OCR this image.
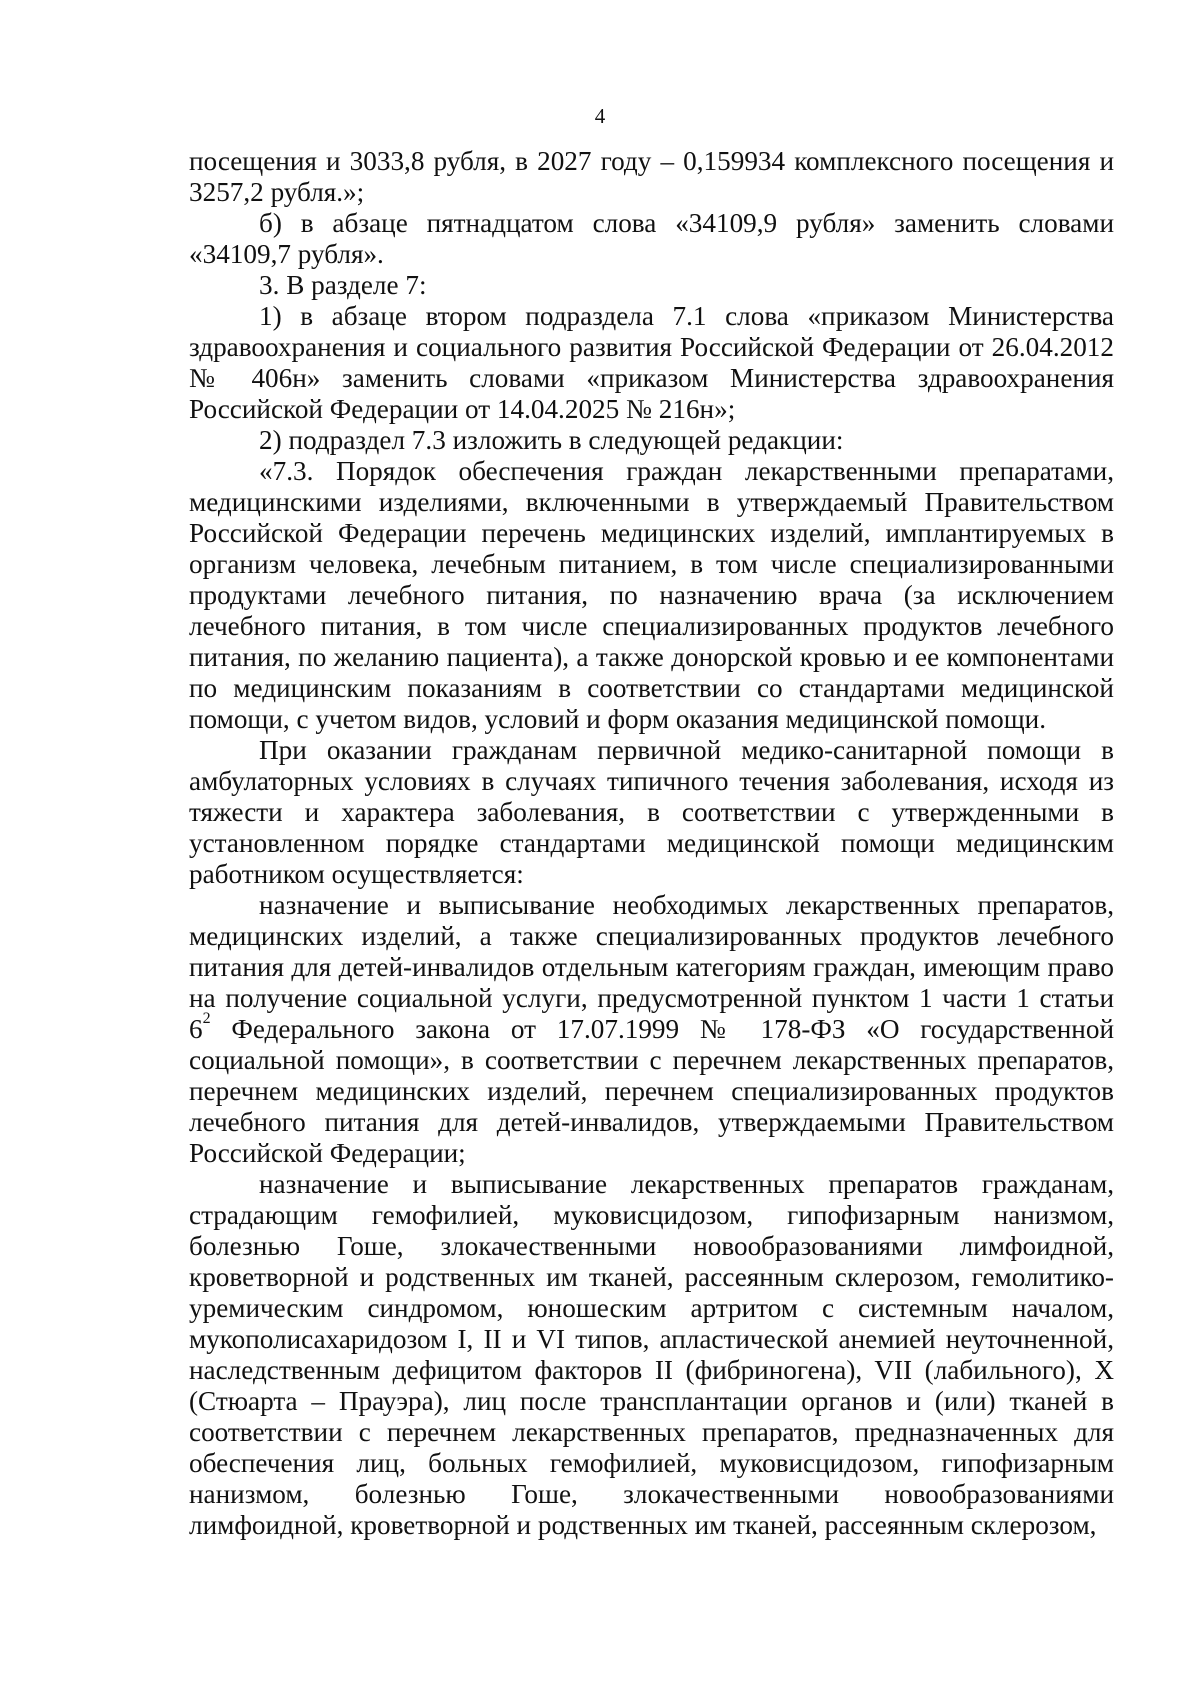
4

посещения и 3033,8 рубля, в 2027 году – 0,159934 комплексного посещения и 3257,2 рубля.»;

б) в абзаце пятнадцатом слова «34109,9 рубля» заменить словами «34109,7 рубля».

3. В разделе 7:

1) в абзаце втором подраздела 7.1 слова «приказом Министерства здравоохранения и социального развития Российской Федерации от 26.04.2012 № 406н» заменить словами «приказом Министерства здравоохранения Российской Федерации от 14.04.2025 № 216н»;

2) подраздел 7.3 изложить в следующей редакции:

«7.3. Порядок обеспечения граждан лекарственными препаратами, медицинскими изделиями, включенными в утверждаемый Правительством Российской Федерации перечень медицинских изделий, имплантируемых в организм человека, лечебным питанием, в том числе специализированными продуктами лечебного питания, по назначению врача (за исключением лечебного питания, в том числе специализированных продуктов лечебного питания, по желанию пациента), а также донорской кровью и ее компонентами по медицинским показаниям в соответствии со стандартами медицинской помощи, с учетом видов, условий и форм оказания медицинской помощи.

При оказании гражданам первичной медико-санитарной помощи в амбулаторных условиях в случаях типичного течения заболевания, исходя из тяжести и характера заболевания, в соответствии с утвержденными в установленном порядке стандартами медицинской помощи медицинским работником осуществляется:

назначение и выписывание необходимых лекарственных препаратов, медицинских изделий, а также специализированных продуктов лечебного питания для детей-инвалидов отдельным категориям граждан, имеющим право на получение социальной услуги, предусмотренной пунктом 1 части 1 статьи $6^2$ Федерального закона от 17.07.1999 № 178-ФЗ «О государственной социальной помощи», в соответствии с перечнем лекарственных препаратов, перечнем медицинских изделий, перечнем специализированных продуктов лечебного питания для детей-инвалидов, утверждаемыми Правительством Российской Федерации;

назначение и выписывание лекарственных препаратов гражданам, страдающим гемофилией, муковисцидозом, гипофизарным нанизмом, болезнью Гоше, злокачественными новообразованиями лимфоидной, кроветворной и родственных им тканей, рассеянным склерозом, гемолитико-уремическим синдромом, юношеским артритом с системным началом, мукополисахаридозом I, II и VI типов, апластической анемией неуточненной, наследственным дефицитом факторов II (фибриногена), VII (лабильного), X (Стюарта – Прауэра), лиц после трансплантации органов и (или) тканей в соответствии с перечнем лекарственных препаратов, предназначенных для обеспечения лиц, больных гемофилией, муковисцидозом, гипофизарным нанизмом, болезнью Гоше, злокачественными новообразованиями лимфоидной, кроветворной и родственных им тканей, рассеянным склерозом,
